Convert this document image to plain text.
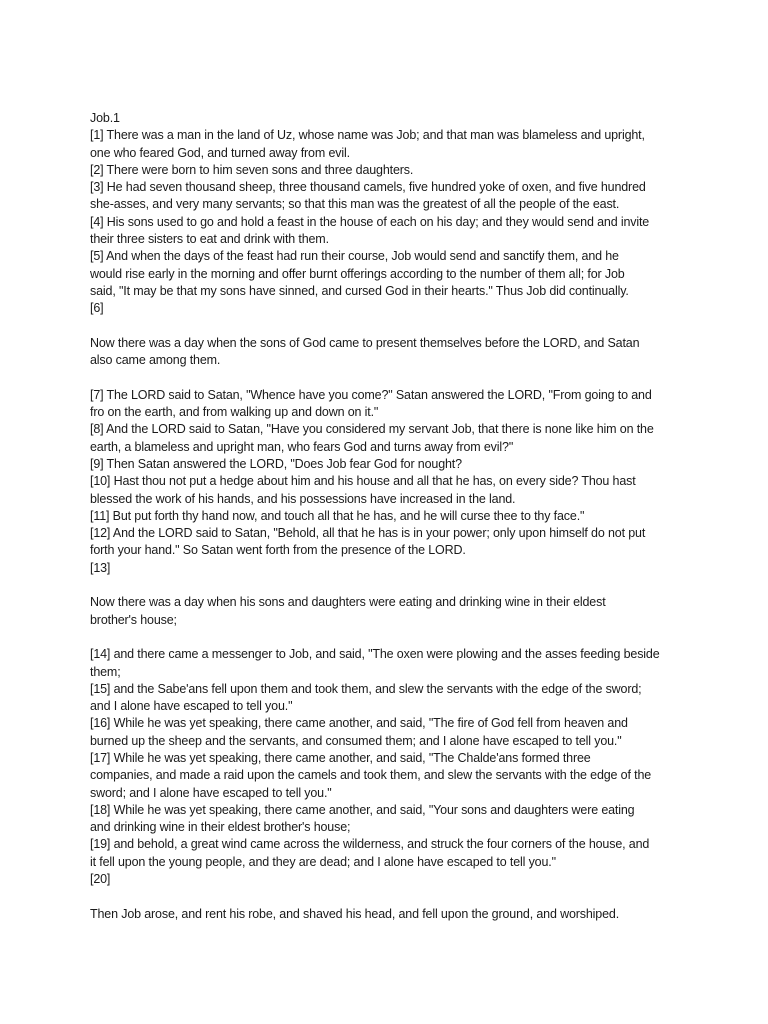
Job.1
[1] There was a man in the land of Uz, whose name was Job; and that man was blameless and upright,
one who feared God, and turned away from evil.
[2] There were born to him seven sons and three daughters.
[3] He had seven thousand sheep, three thousand camels, five hundred yoke of oxen, and five hundred
she-asses, and very many servants; so that this man was the greatest of all the people of the east.
[4] His sons used to go and hold a feast in the house of each on his day; and they would send and invite
their three sisters to eat and drink with them.
[5] And when the days of the feast had run their course, Job would send and sanctify them, and he
would rise early in the morning and offer burnt offerings according to the number of them all; for Job
said, "It may be that my sons have sinned, and cursed God in their hearts." Thus Job did continually.
[6]
Now there was a day when the sons of God came to present themselves before the LORD, and Satan
also came among them.
[7] The LORD said to Satan, "Whence have you come?" Satan answered the LORD, "From going to and
fro on the earth, and from walking up and down on it."
[8] And the LORD said to Satan, "Have you considered my servant Job, that there is none like him on the
earth, a blameless and upright man, who fears God and turns away from evil?"
[9] Then Satan answered the LORD, "Does Job fear God for nought?
[10] Hast thou not put a hedge about him and his house and all that he has, on every side? Thou hast
blessed the work of his hands, and his possessions have increased in the land.
[11] But put forth thy hand now, and touch all that he has, and he will curse thee to thy face."
[12] And the LORD said to Satan, "Behold, all that he has is in your power; only upon himself do not put
forth your hand." So Satan went forth from the presence of the LORD.
[13]
Now there was a day when his sons and daughters were eating and drinking wine in their eldest
brother's house;
[14] and there came a messenger to Job, and said, "The oxen were plowing and the asses feeding beside
them;
[15] and the Sabe'ans fell upon them and took them, and slew the servants with the edge of the sword;
and I alone have escaped to tell you."
[16] While he was yet speaking, there came another, and said, "The fire of God fell from heaven and
burned up the sheep and the servants, and consumed them; and I alone have escaped to tell you."
[17] While he was yet speaking, there came another, and said, "The Chalde'ans formed three
companies, and made a raid upon the camels and took them, and slew the servants with the edge of the
sword; and I alone have escaped to tell you."
[18] While he was yet speaking, there came another, and said, "Your sons and daughters were eating
and drinking wine in their eldest brother's house;
[19] and behold, a great wind came across the wilderness, and struck the four corners of the house, and
it fell upon the young people, and they are dead; and I alone have escaped to tell you."
[20]
Then Job arose, and rent his robe, and shaved his head, and fell upon the ground, and worshiped.
